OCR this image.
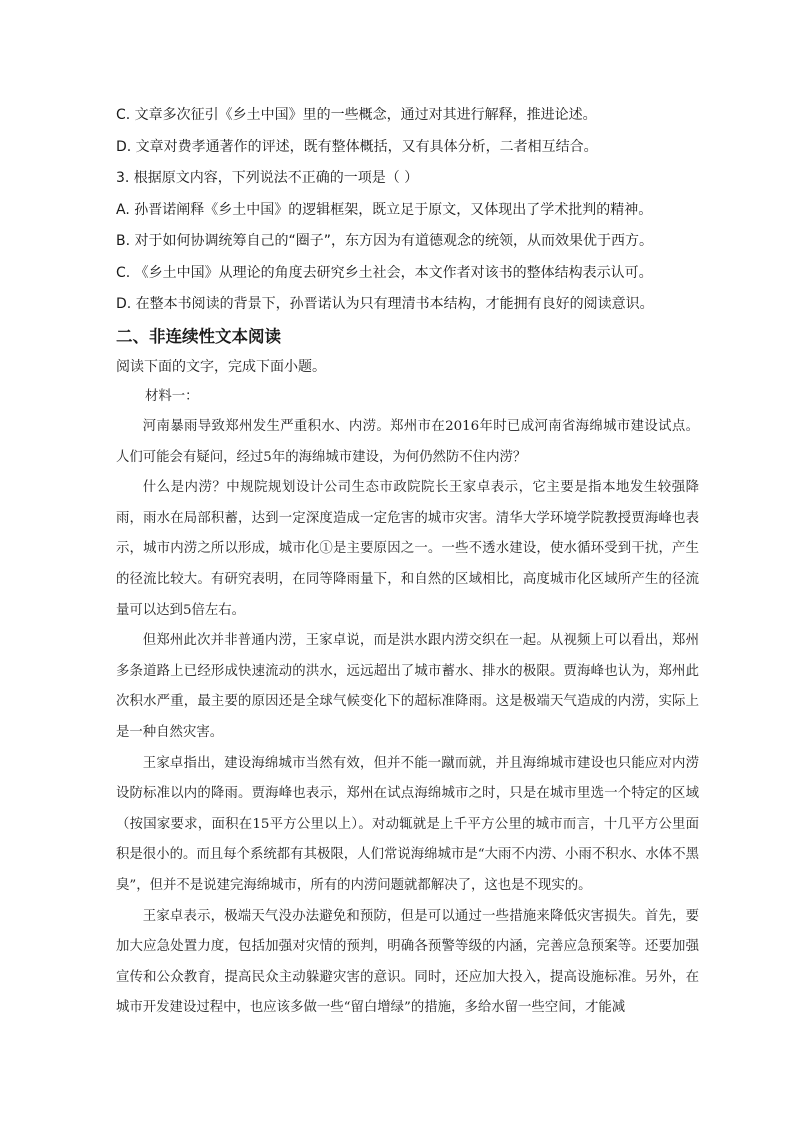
C. 文章多次征引《乡土中国》里的一些概念，通过对其进行解释，推进论述。
D. 文章对费孝通著作的评述，既有整体概括，又有具体分析，二者相互结合。
3. 根据原文内容，下列说法不正确的一项是（ ）
A. 孙晋诺阐释《乡土中国》的逻辑框架，既立足于原文，又体现出了学术批判的精神。
B. 对于如何协调统筹自己的“圈子”，东方因为有道德观念的统领，从而效果优于西方。
C. 《乡土中国》从理论的角度去研究乡土社会，本文作者对该书的整体结构表示认可。
D. 在整本书阅读的背景下，孙晋诺认为只有理清书本结构，才能拥有良好的阅读意识。
二、非连续性文本阅读
阅读下面的文字，完成下面小题。
材料一：

河南暴雨导致郑州发生严重积水、内涝。郑州市在2016年时已成河南省海绵城市建设试点。人们可能会有疑问，经过5年的海绵城市建设，为何仍然防不住内涝？

什么是内涝？中规院规划设计公司生态市政院院长王家卓表示，它主要是指本地发生较强降雨，雨水在局部积蓄，达到一定深度造成一定危害的城市灾害。清华大学环境学院教授贾海峰也表示，城市内涝之所以形成，城市化①是主要原因之一。一些不透水建设，使水循环受到干扰，产生的径流比较大。有研究表明，在同等降雨量下，和自然的区域相比，高度城市化区域所产生的径流量可以达到5倍左右。

但郑州此次并非普通内涝，王家卓说，而是洪水跟内涝交织在一起。从视频上可以看出，郑州多条道路上已经形成快速流动的洪水，远远超出了城市蓄水、排水的极限。贾海峰也认为，郑州此次积水严重，最主要的原因还是全球气候变化下的超标准降雨。这是极端天气造成的内涝，实际上是一种自然灾害。

王家卓指出，建设海绵城市当然有效，但并不能一蹴而就，并且海绵城市建设也只能应对内涝设防标准以内的降雨。贾海峰也表示，郑州在试点海绵城市之时，只是在城市里选一个特定的区域（按国家要求，面积在15平方公里以上）。对动辄就是上千平方公里的城市而言，十几平方公里面积是很小的。而且每个系统都有其极限，人们常说海绵城市是“大雨不内涝、小雨不积水、水体不黑臭”，但并不是说建完海绵城市，所有的内涝问题就都解决了，这也是不现实的。

王家卓表示，极端天气没办法避免和预防，但是可以通过一些措施来降低灾害损失。首先，要加大应急处置力度，包括加强对灾情的预判，明确各预警等级的内涵，完善应急预案等。还要加强宣传和公众教育，提高民众主动躲避灾害的意识。同时，还应加大投入，提高设施标准。另外，在城市开发建设过程中，也应该多做一些“留白增绿”的措施，多给水留一些空间，才能减
